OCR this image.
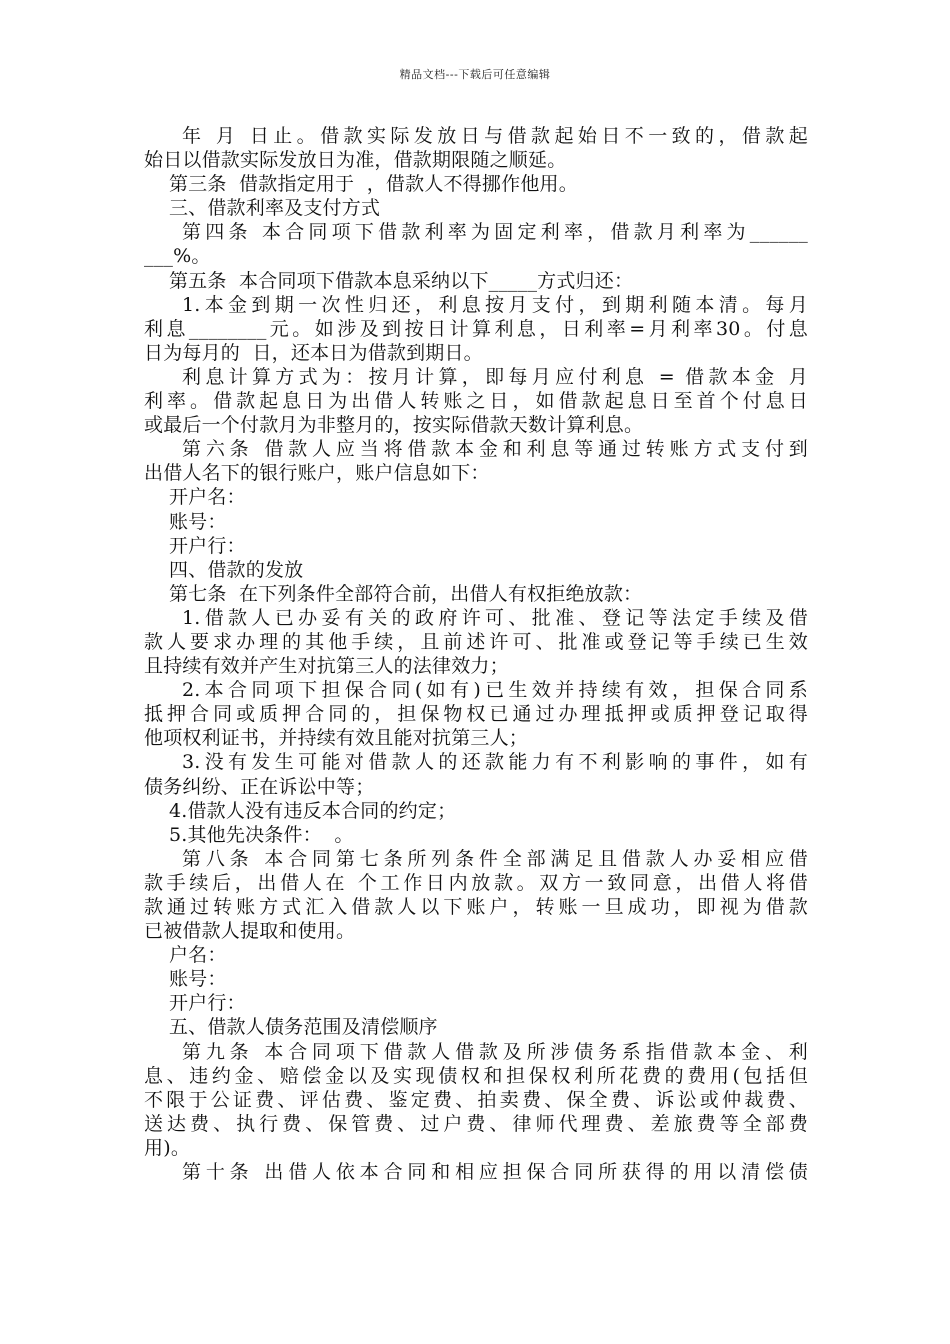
精品文档---下载后可任意编辑
年 月 日止。借款实际发放日与借款起始日不一致的，借款起
始日以借款实际发放日为准，借款期限随之顺延。
第三条  借款指定用于  ，借款人不得挪作他用。
三、借款利率及支付方式
第四条 本合同项下借款利率为固定利率，借款月利率为______
___%。
第五条  本合同项下借款本息采纳以下_____方式归还：
1.本金到期一次性归还，利息按月支付，到期利随本清。每月
利息________元。如涉及到按日计算利息，日利率=月利率30。付息
日为每月的  日，还本日为借款到期日。
利息计算方式为：按月计算，即每月应付利息 = 借款本金 月
利率。借款起息日为出借人转账之日，如借款起息日至首个付息日
或最后一个付款月为非整月的，按实际借款天数计算利息。
第六条 借款人应当将借款本金和利息等通过转账方式支付到
出借人名下的银行账户，账户信息如下：
开户名：
账号：
开户行：
四、借款的发放
第七条  在下列条件全部符合前，出借人有权拒绝放款：
1.借款人已办妥有关的政府许可、批准、登记等法定手续及借
款人要求办理的其他手续，且前述许可、批准或登记等手续已生效
且持续有效并产生对抗第三人的法律效力；
2.本合同项下担保合同(如有)已生效并持续有效，担保合同系
抵押合同或质押合同的，担保物权已通过办理抵押或质押登记取得
他项权利证书，并持续有效且能对抗第三人；
3.没有发生可能对借款人的还款能力有不利影响的事件，如有
债务纠纷、正在诉讼中等；
4.借款人没有违反本合同的约定；
5.其他先决条件：  。
第八条 本合同第七条所列条件全部满足且借款人办妥相应借
款手续后，出借人在 个工作日内放款。双方一致同意，出借人将借
款通过转账方式汇入借款人以下账户，转账一旦成功，即视为借款
已被借款人提取和使用。
户名：
账号：
开户行：
五、借款人债务范围及清偿顺序
第九条 本合同项下借款人借款及所涉债务系指借款本金、利
息、违约金、赔偿金以及实现债权和担保权利所花费的费用(包括但
不限于公证费、评估费、鉴定费、拍卖费、保全费、诉讼或仲裁费、
送达费、执行费、保管费、过户费、律师代理费、差旅费等全部费
用)。
第十条 出借人依本合同和相应担保合同所获得的用以清偿债
